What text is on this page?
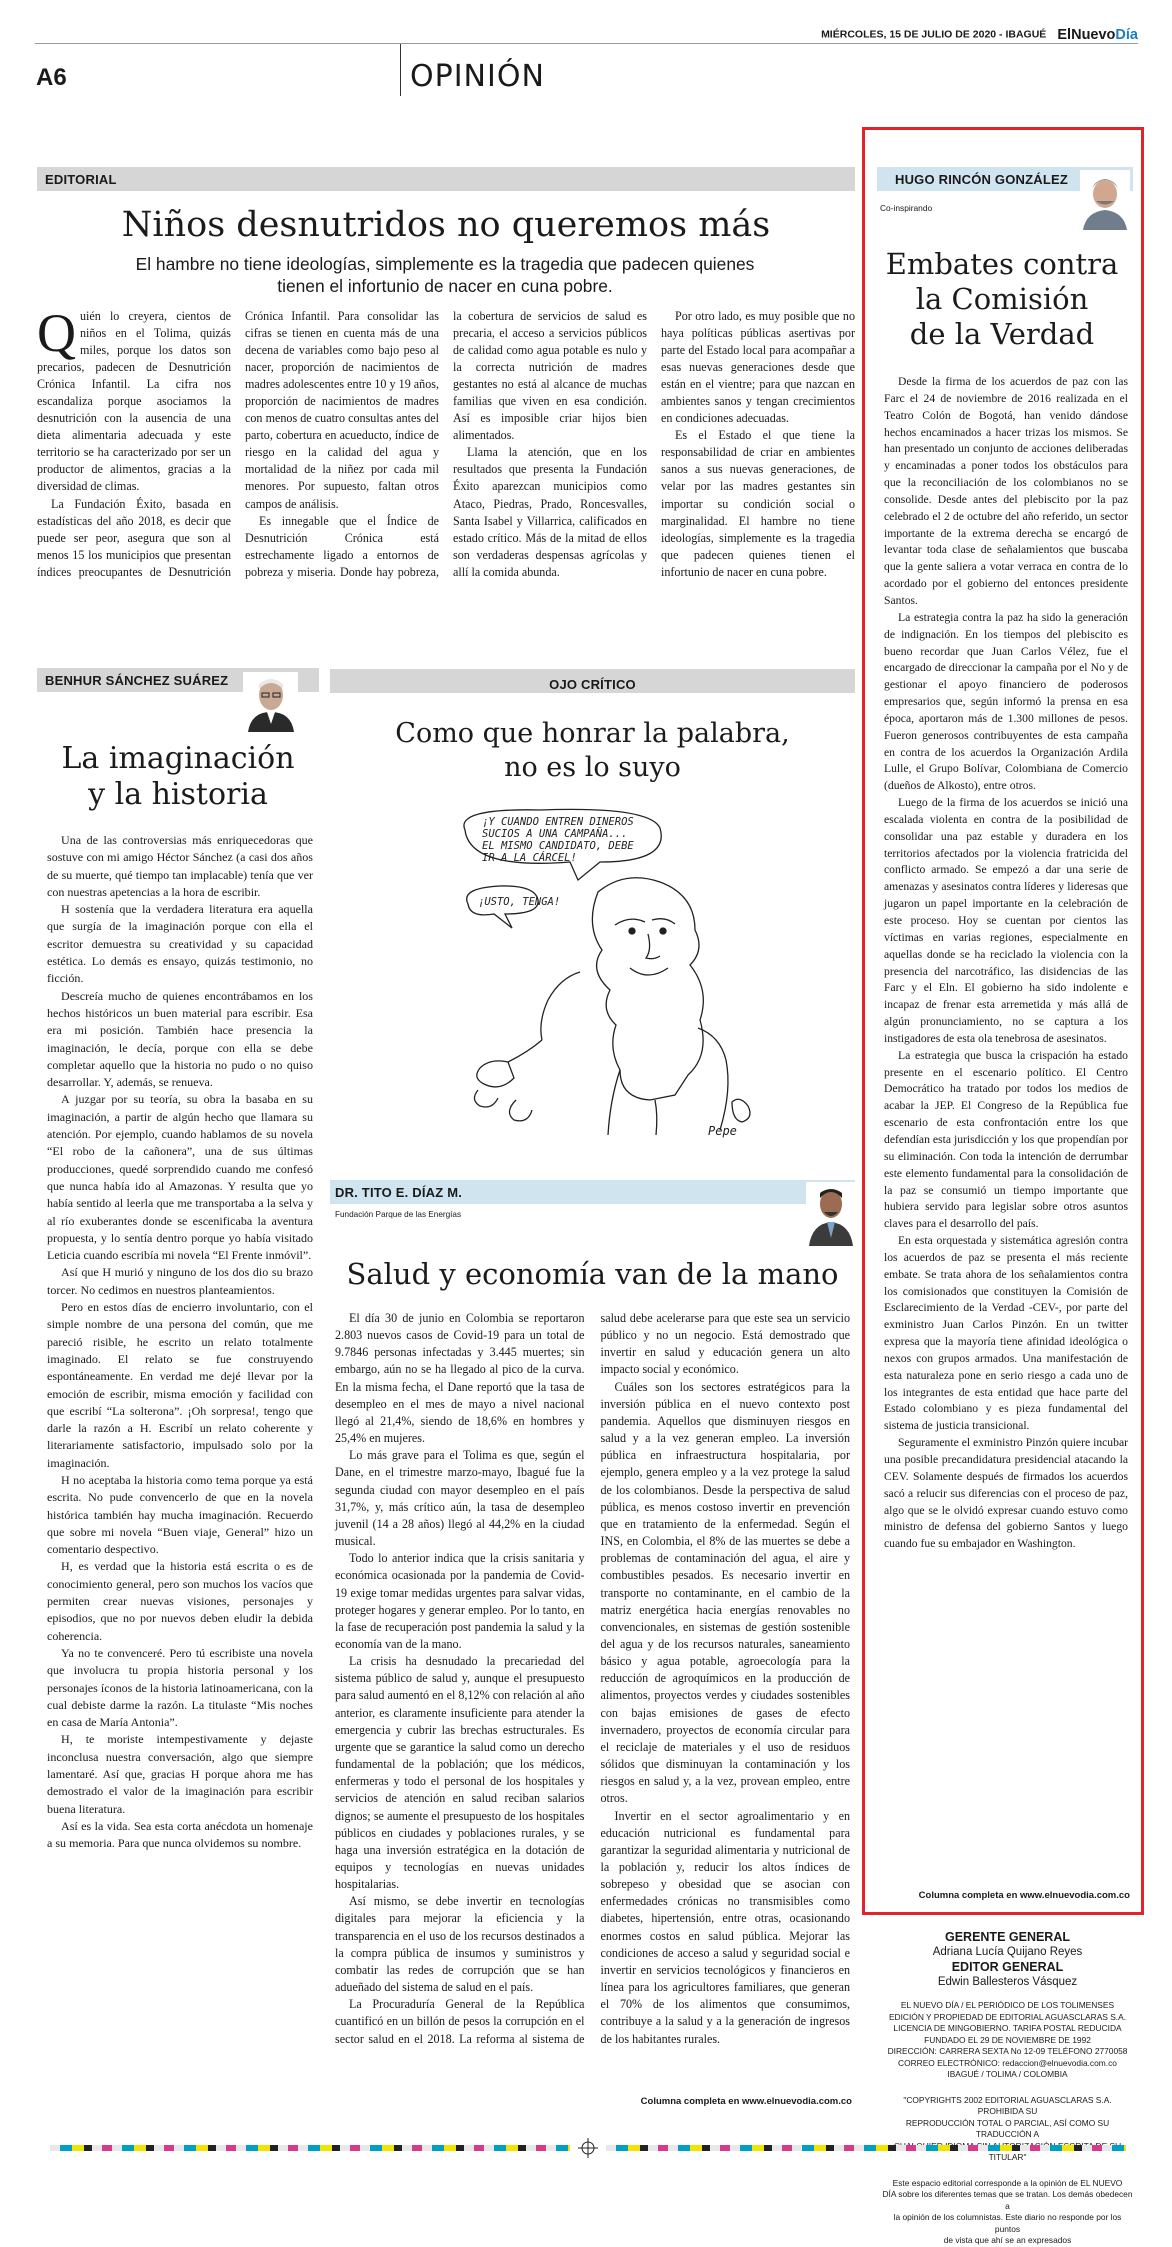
MIÉRCOLES, 15 DE JULIO DE 2020 - IBAGUÉ ElNuevoDía
A6	OPINIÓN
EDITORIAL
Niños desnutridos no queremos más
El hambre no tiene ideologías, simplemente es la tragedia que padecen quienes tienen el infortunio de nacer en cuna pobre.

Quién lo creyera, cientos de niños en el Tolima, quizás miles, porque los datos son precarios, padecen de Desnutrición Crónica Infantil. La cifra nos escandaliza porque asociamos la desnutrición con la ausencia de una dieta alimentaria adecuada y este territorio se ha caracterizado por ser un productor de alimentos, gracias a la diversidad de climas.

La Fundación Éxito, basada en estadísticas del año 2018, es decir que puede ser peor, asegura que son al menos 15 los municipios que presentan índices preocupantes de Desnutrición Crónica Infantil. Para consolidar las cifras se tienen en cuenta más de una decena de variables como bajo peso al nacer, proporción de nacimientos de madres adolescentes entre 10 y 19 años, proporción de nacimientos de madres con menos de cuatro consultas antes del parto, cobertura en acueducto, índice de riesgo en la calidad del agua y mortalidad de la niñez por cada mil menores. Por supuesto, faltan otros campos de análisis.

Es innegable que el Índice de Desnutrición Crónica está estrechamente ligado a entornos de pobreza y miseria. Donde hay pobreza, la cobertura de servicios de salud es precaria, el acceso a servicios públicos de calidad como agua potable es nulo y la correcta nutrición de madres gestantes no está al alcance de muchas familias que viven en esa condición. Así es imposible criar hijos bien alimentados.

Llama la atención, que en los resultados que presenta la Fundación Éxito aparezcan municipios como Ataco, Piedras, Prado, Roncesvalles, Santa Isabel y Villarrica, calificados en estado crítico. Más de la mitad de ellos son verdaderas despensas agrícolas y allí la comida abunda.

Por otro lado, es muy posible que no haya políticas públicas asertivas por parte del Estado local para acompañar a esas nuevas generaciones desde que están en el vientre; para que nazcan en ambientes sanos y tengan crecimientos en condiciones adecuadas.

Es el Estado el que tiene la responsabilidad de criar en ambientes sanos a sus nuevas generaciones, de velar por las madres gestantes sin importar su condición social o marginalidad. El hambre no tiene ideologías, simplemente es la tragedia que padecen quienes tienen el infortunio de nacer en cuna pobre.

BENHUR SÁNCHEZ SUÁREZ
La imaginación
y la historia

Una de las controversias más enriquecedoras que sostuve con mi amigo Héctor Sánchez (a casi dos años de su muerte, qué tiempo tan implacable) tenía que ver con nuestras apetencias a la hora de escribir.

H sostenía que la verdadera literatura era aquella que surgía de la imaginación porque con ella el escritor demuestra su creatividad y su capacidad estética. Lo demás es ensayo, quizás testimonio, no ficción.

Descreía mucho de quienes encontrábamos en los hechos históricos un buen material para escribir. Esa era mi posición. También hace presencia la imaginación, le decía, porque con ella se debe completar aquello que la historia no pudo o no quiso desarrollar. Y, además, se renueva.

A juzgar por su teoría, su obra la basaba en su imaginación, a partir de algún hecho que llamara su atención. Por ejemplo, cuando hablamos de su novela “El robo de la cañonera”, una de sus últimas producciones, quedé sorprendido cuando me confesó que nunca había ido al Amazonas. Y resulta que yo había sentido al leerla que me transportaba a la selva y al río exuberantes donde se escenificaba la aventura propuesta, y lo sentía dentro porque yo había visitado Leticia cuando escribía mi novela “El Frente inmóvil”.

Así que H murió y ninguno de los dos dio su brazo torcer. No cedimos en nuestros planteamientos.

Pero en estos días de encierro involuntario, con el simple nombre de una persona del común, que me pareció risible, he escrito un relato totalmente imaginado. El relato se fue construyendo espontáneamente. En verdad me dejé llevar por la emoción de escribir, misma emoción y facilidad con que escribí “La solterona”. ¡Oh sorpresa!, tengo que darle la razón a H. Escribí un relato coherente y literariamente satisfactorio, impulsado solo por la imaginación.

H no aceptaba la historia como tema porque ya está escrita. No pude convencerlo de que en la novela histórica también hay mucha imaginación. Recuerdo que sobre mi novela “Buen viaje, General” hizo un comentario despectivo.

H, es verdad que la historia está escrita o es de conocimiento general, pero son muchos los vacíos que permiten crear nuevas visiones, personajes y episodios, que no por nuevos deben eludir la debida coherencia.

Ya no te convenceré. Pero tú escribiste una novela que involucra tu propia historia personal y los personajes íconos de la historia latinoamericana, con la cual debiste darme la razón. La titulaste “Mis noches en casa de María Antonia”.

H, te moriste intempestivamente y dejaste inconclusa nuestra conversación, algo que siempre lamentaré. Así que, gracias H porque ahora me has demostrado el valor de la imaginación para escribir buena literatura.

Así es la vida. Sea esta corta anécdota un homenaje a su memoria. Para que nunca olvidemos su nombre.

$_{OJO CRÍTICO}$
Como que honrar la palabra,
no es lo suyo
¡Y CUANDO ENTREN DINEROS
SUCIOS A UNA CAMPAÑA...
EL MISMO CANDIDATO, DEBE
IR A LA CÁRCEL!
¡USTO, TENGA!
Pepe
DR. TITO E. DÍAZ M.
Fundación Parque de las Energías
Salud y economía van de la mano

El día 30 de junio en Colombia se reportaron 2.803 nuevos casos de Covid-19 para un total de 9.7846 personas infectadas y 3.445 muertes; sin embargo, aún no se ha llegado al pico de la curva. En la misma fecha, el Dane reportó que la tasa de desempleo en el mes de mayo a nivel nacional llegó al 21,4%, siendo de 18,6% en hombres y 25,4% en mujeres.

Lo más grave para el Tolima es que, según el Dane, en el trimestre marzo-mayo, Ibagué fue la segunda ciudad con mayor desempleo en el país 31,7%, y, más crítico aún, la tasa de desempleo juvenil (14 a 28 años) llegó al 44,2% en la ciudad musical.

Todo lo anterior indica que la crisis sanitaria y económica ocasionada por la pandemia de Covid-19 exige tomar medidas urgentes para salvar vidas, proteger hogares y generar empleo. Por lo tanto, en la fase de recuperación post pandemia la salud y la economía van de la mano.

La crisis ha desnudado la precariedad del sistema público de salud y, aunque el presupuesto para salud aumentó en el 8,12% con relación al año anterior, es claramente insuficiente para atender la emergencia y cubrir las brechas estructurales. Es urgente que se garantice la salud como un derecho fundamental de la población; que los médicos, enfermeras y todo el personal de los hospitales y servicios de atención en salud reciban salarios dignos; se aumente el presupuesto de los hospitales públicos en ciudades y poblaciones rurales, y se haga una inversión estratégica en la dotación de equipos y tecnologías en nuevas unidades hospitalarias.

Así mismo, se debe invertir en tecnologías digitales para mejorar la eficiencia y la transparencia en el uso de los recursos destinados a la compra pública de insumos y suministros y combatir las redes de corrupción que se han adueñado del sistema de salud en el país.

La Procuraduría General de la República cuantificó en un billón de pesos la corrupción en el sector salud en el 2018. La reforma al sistema de salud debe acelerarse para que este sea un servicio público y no un negocio. Está demostrado que invertir en salud y educación genera un alto impacto social y económico.

Cuáles son los sectores estratégicos para la inversión pública en el nuevo contexto post pandemia. Aquellos que disminuyen riesgos en salud y a la vez generan empleo. La inversión pública en infraestructura hospitalaria, por ejemplo, genera empleo y a la vez protege la salud de los colombianos. Desde la perspectiva de salud pública, es menos costoso invertir en prevención que en tratamiento de la enfermedad. Según el INS, en Colombia, el 8% de las muertes se debe a problemas de contaminación del agua, el aire y combustibles pesados. Es necesario invertir en transporte no contaminante, en el cambio de la matriz energética hacia energías renovables no convencionales, en sistemas de gestión sostenible del agua y de los recursos naturales, saneamiento básico y agua potable, agroecología para la reducción de agroquímicos en la producción de alimentos, proyectos verdes y ciudades sostenibles con bajas emisiones de gases de efecto invernadero, proyectos de economía circular para el reciclaje de materiales y el uso de residuos sólidos que disminuyan la contaminación y los riesgos en salud y, a la vez, provean empleo, entre otros.

Invertir en el sector agroalimentario y en educación nutricional es fundamental para garantizar la seguridad alimentaria y nutricional de la población y, reducir los altos índices de sobrepeso y obesidad que se asocian con enfermedades crónicas no transmisibles como diabetes, hipertensión, entre otras, ocasionando enormes costos en salud pública. Mejorar las condiciones de acceso a salud y seguridad social e invertir en servicios tecnológicos y financieros en línea para los agricultores familiares, que generan el 70% de los alimentos que consumimos, contribuye a la salud y a la generación de ingresos de los habitantes rurales.

Columna completa en www.elnuevodia.com.co
HUGO RINCÓN GONZÁLEZ
Co-inspirando
Embates contra
la Comisión
de la Verdad

Desde la firma de los acuerdos de paz con las Farc el 24 de noviembre de 2016 realizada en el Teatro Colón de Bogotá, han venido dándose hechos encaminados a hacer trizas los mismos. Se han presentado un conjunto de acciones deliberadas y encaminadas a poner todos los obstáculos para que la reconciliación de los colombianos no se consolide. Desde antes del plebiscito por la paz celebrado el 2 de octubre del año referido, un sector importante de la extrema derecha se encargó de levantar toda clase de señalamientos que buscaba que la gente saliera a votar verraca en contra de lo acordado por el gobierno del entonces presidente Santos.

La estrategia contra la paz ha sido la generación de indignación. En los tiempos del plebiscito es bueno recordar que Juan Carlos Vélez, fue el encargado de direccionar la campaña por el No y de gestionar el apoyo financiero de poderosos empresarios que, según informó la prensa en esa época, aportaron más de 1.300 millones de pesos. Fueron generosos contribuyentes de esta campaña en contra de los acuerdos la Organización Ardila Lulle, el Grupo Bolívar, Colombiana de Comercio (dueños de Alkosto), entre otros.

Luego de la firma de los acuerdos se inició una escalada violenta en contra de la posibilidad de consolidar una paz estable y duradera en los territorios afectados por la violencia fratricida del conflicto armado. Se empezó a dar una serie de amenazas y asesinatos contra líderes y lideresas que jugaron un papel importante en la celebración de este proceso. Hoy se cuentan por cientos las víctimas en varias regiones, especialmente en aquellas donde se ha reciclado la violencia con la presencia del narcotráfico, las disidencias de las Farc y el Eln. El gobierno ha sido indolente e incapaz de frenar esta arremetida y más allá de algún pronunciamiento, no se captura a los instigadores de esta ola tenebrosa de asesinatos.

La estrategia que busca la crispación ha estado presente en el escenario político. El Centro Democrático ha tratado por todos los medios de acabar la JEP. El Congreso de la República fue escenario de esta confrontación entre los que defendían esta jurisdicción y los que propendían por su eliminación. Con toda la intención de derrumbar este elemento fundamental para la consolidación de la paz se consumió un tiempo importante que hubiera servido para legislar sobre otros asuntos claves para el desarrollo del país.

En esta orquestada y sistemática agresión contra los acuerdos de paz se presenta el más reciente embate. Se trata ahora de los señalamientos contra los comisionados que constituyen la Comisión de Esclarecimiento de la Verdad -CEV-, por parte del exministro Juan Carlos Pinzón. En un twitter expresa que la mayoría tiene afinidad ideológica o nexos con grupos armados. Una manifestación de esta naturaleza pone en serio riesgo a cada uno de los integrantes de esta entidad que hace parte del Estado colombiano y es pieza fundamental del sistema de justicia transicional.

Seguramente el exministro Pinzón quiere incubar una posible precandidatura presidencial atacando la CEV. Solamente después de firmados los acuerdos sacó a relucir sus diferencias con el proceso de paz, algo que se le olvidó expresar cuando estuvo como ministro de defensa del gobierno Santos y luego cuando fue su embajador en Washington.

Columna completa en www.elnuevodia.com.co
GERENTE GENERAL
Adriana Lucía Quijano Reyes
EDITOR GENERAL
Edwin Ballesteros Vásquez
EL NUEVO DÍA / EL PERIÓDICO DE LOS TOLIMENSES
EDICIÓN Y PROPIEDAD DE EDITORIAL AGUASCLARAS S.A.
LICENCIA DE MINGOBIERNO. TARIFA POSTAL REDUCIDA
FUNDADO EL 29 DE NOVIEMBRE DE 1992
DIRECCIÓN: CARRERA SEXTA No 12-09 TELÉFONO 2770058
CORREO ELECTRÓNICO: redaccion@elnuevodia.com.co
IBAGUÉ / TOLIMA / COLOMBIA
"COPYRIGHTS 2002 EDITORIAL AGUASCLARAS S.A. PROHIBIDA SU
REPRODUCCIÓN TOTAL O PARCIAL, ASÍ COMO SU TRADUCCIÓN A
TITULAR"
Este espacio editorial corresponde a la opinión de EL NUEVO
DÍA sobre los diferentes temas que se tratan. Los demás obedecen a
la opinión de los columnistas. Este diario no responde por los puntos
de vista que ahí se an expresados
